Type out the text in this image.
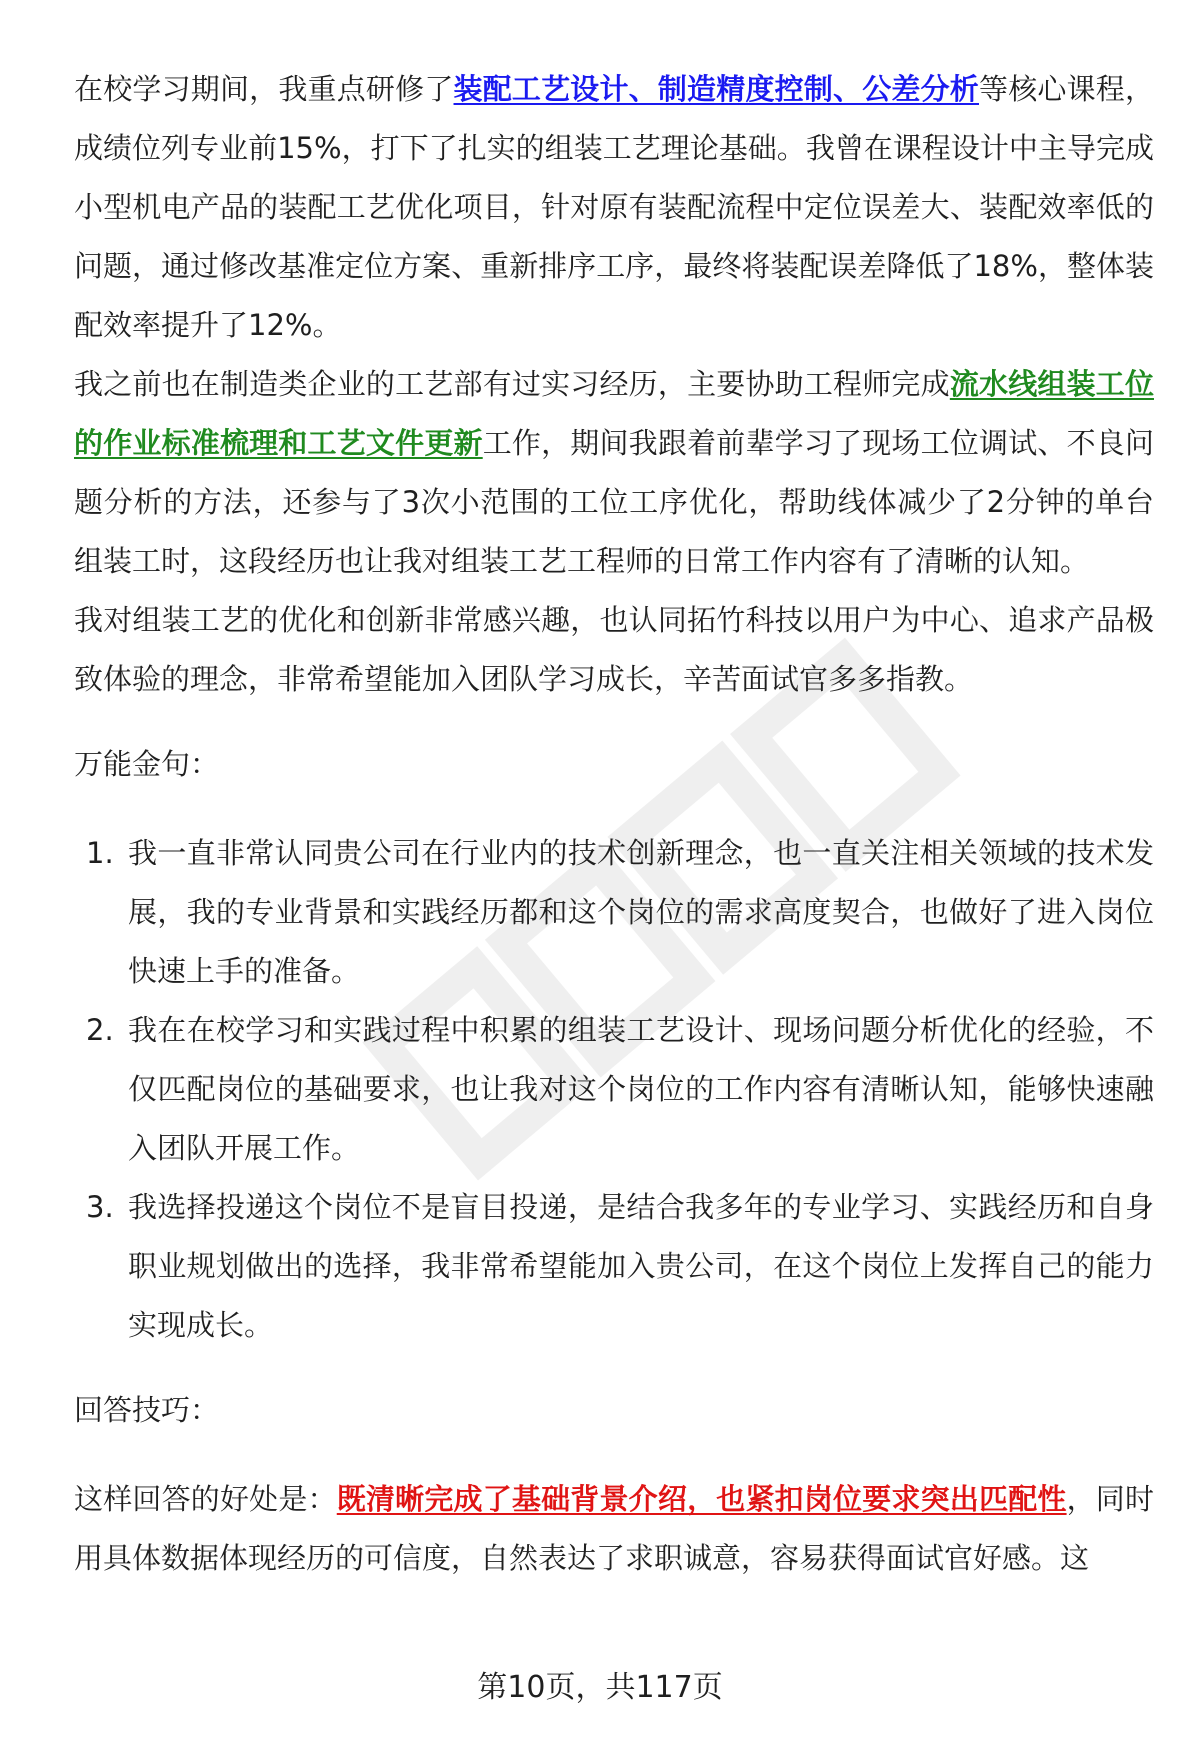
在校学习期间，我重点研修了装配工艺设计、制造精度控制、公差分析等核心课程，成绩位列专业前15%，打下了扎实的组装工艺理论基础。我曾在课程设计中主导完成小型机电产品的装配工艺优化项目，针对原有装配流程中定位误差大、装配效率低的问题，通过修改基准定位方案、重新排序工序，最终将装配误差降低了18%，整体装配效率提升了12%。

我之前也在制造类企业的工艺部有过实习经历，主要协助工程师完成流水线组装工位的作业标准梳理和工艺文件更新工作，期间我跟着前辈学习了现场工位调试、不良问题分析的方法，还参与了3次小范围的工位工序优化，帮助线体减少了2分钟的单台组装工时，这段经历也让我对组装工艺工程师的日常工作内容有了清晰的认知。

我对组装工艺的优化和创新非常感兴趣，也认同拓竹科技以用户为中心、追求产品极致体验的理念，非常希望能加入团队学习成长，辛苦面试官多多指教。

万能金句：

1. 我一直非常认同贵公司在行业内的技术创新理念，也一直关注相关领域的技术发展，我的专业背景和实践经历都和这个岗位的需求高度契合，也做好了进入岗位快速上手的准备。
2. 我在在校学习和实践过程中积累的组装工艺设计、现场问题分析优化的经验，不仅匹配岗位的基础要求，也让我对这个岗位的工作内容有清晰认知，能够快速融入团队开展工作。
3. 我选择投递这个岗位不是盲目投递，是结合我多年的专业学习、实践经历和自身职业规划做出的选择，我非常希望能加入贵公司，在这个岗位上发挥自己的能力实现成长。

回答技巧：

这样回答的好处是：既清晰完成了基础背景介绍，也紧扣岗位要求突出匹配性，同时用具体数据体现经历的可信度，自然表达了求职诚意，容易获得面试官好感。这

第10页，共117页
